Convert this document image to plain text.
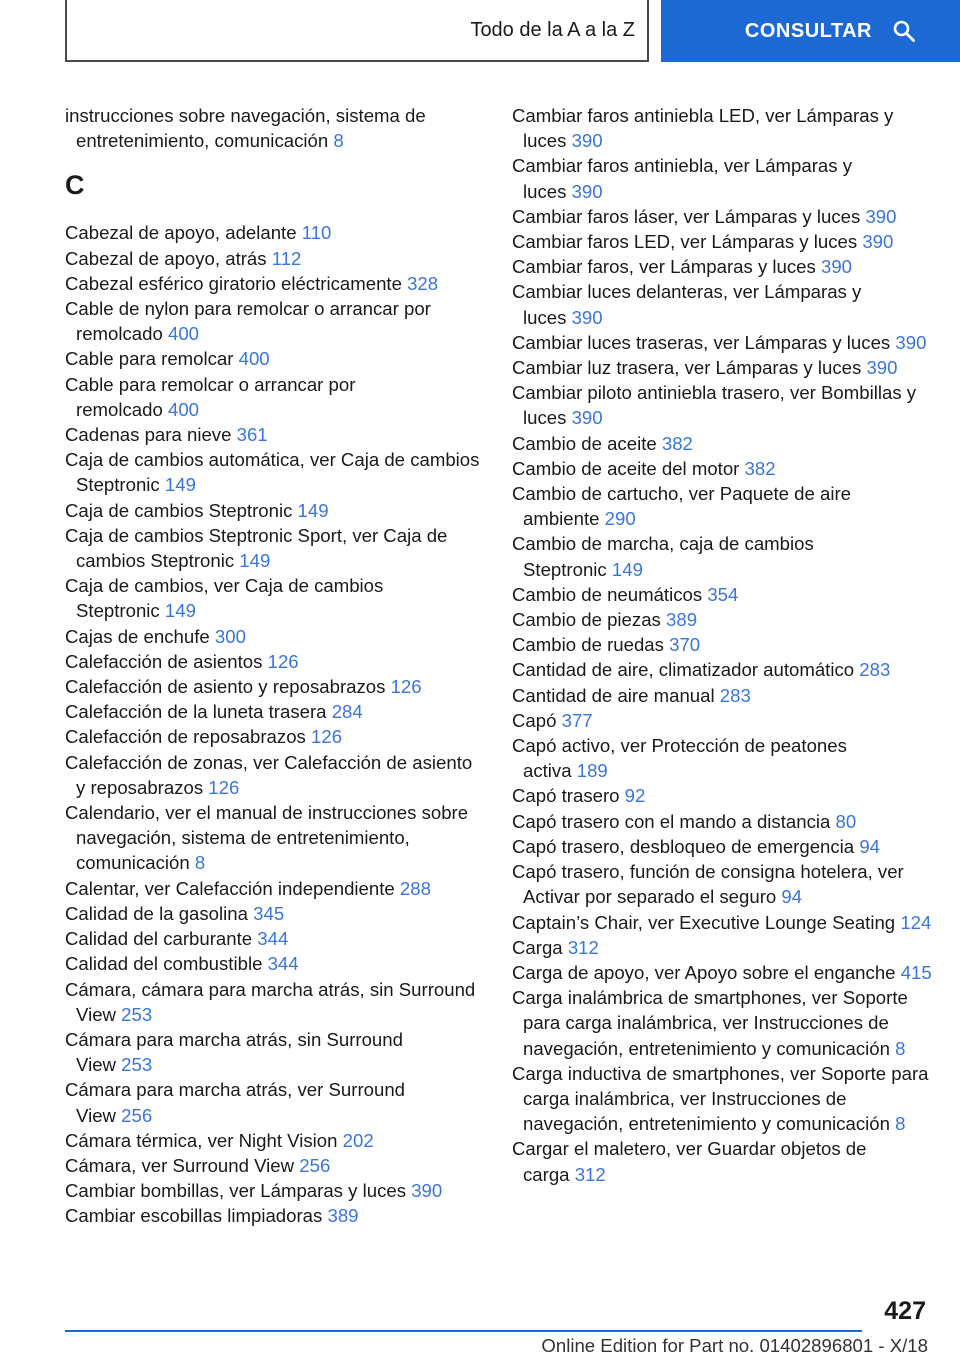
Todo de la A a la Z	CONSULTAR

instrucciones sobre navegación, sistema de entretenimiento, comunicación 8

C

Cabezal de apoyo, adelante 110

Cabezal de apoyo, atrás 112

Cabezal esférico giratorio eléctricamente 328

Cable de nylon para remolcar o arrancar por remolcado 400

Cable para remolcar 400

Cable para remolcar o arrancar por remolcado 400

Cadenas para nieve 361

Caja de cambios automática, ver Caja de cambios Steptronic 149

Caja de cambios Steptronic 149

Caja de cambios Steptronic Sport, ver Caja de cambios Steptronic 149

Caja de cambios, ver Caja de cambios Steptronic 149

Cajas de enchufe 300

Calefacción de asientos 126

Calefacción de asiento y reposabrazos 126

Calefacción de la luneta trasera 284

Calefacción de reposabrazos 126

Calefacción de zonas, ver Calefacción de asiento y reposabrazos 126

Calendario, ver el manual de instrucciones sobre navegación, sistema de entretenimiento, comunicación 8

Calentar, ver Calefacción independiente 288

Calidad de la gasolina 345

Calidad del carburante 344

Calidad del combustible 344

Cámara, cámara para marcha atrás, sin Surround View 253

Cámara para marcha atrás, sin Surround View 253

Cámara para marcha atrás, ver Surround View 256

Cámara térmica, ver Night Vision 202

Cámara, ver Surround View 256

Cambiar bombillas, ver Lámparas y luces 390

Cambiar escobillas limpiadoras 389

Cambiar faros antiniebla LED, ver Lámparas y luces 390

Cambiar faros antiniebla, ver Lámparas y luces 390

Cambiar faros láser, ver Lámparas y luces 390

Cambiar faros LED, ver Lámparas y luces 390

Cambiar faros, ver Lámparas y luces 390

Cambiar luces delanteras, ver Lámparas y luces 390

Cambiar luces traseras, ver Lámparas y luces 390

Cambiar luz trasera, ver Lámparas y luces 390

Cambiar piloto antiniebla trasero, ver Bombillas y luces 390

Cambio de aceite 382

Cambio de aceite del motor 382

Cambio de cartucho, ver Paquete de aire ambiente 290

Cambio de marcha, caja de cambios Steptronic 149

Cambio de neumáticos 354

Cambio de piezas 389

Cambio de ruedas 370

Cantidad de aire, climatizador automático 283

Cantidad de aire manual 283

Capó 377

Capó activo, ver Protección de peatones activa 189

Capó trasero 92

Capó trasero con el mando a distancia 80

Capó trasero, desbloqueo de emergencia 94

Capó trasero, función de consigna hotelera, ver Activar por separado el seguro 94

Captain’s Chair, ver Executive Lounge Seating 124

Carga 312

Carga de apoyo, ver Apoyo sobre el enganche 415

Carga inalámbrica de smartphones, ver Soporte para carga inalámbrica, ver Instrucciones de navegación, entretenimiento y comunicación 8

Carga inductiva de smartphones, ver Soporte para carga inalámbrica, ver Instrucciones de navegación, entretenimiento y comunicación 8

Cargar el maletero, ver Guardar objetos de carga 312

427
Online Edition for Part no. 01402896801 - X/18
